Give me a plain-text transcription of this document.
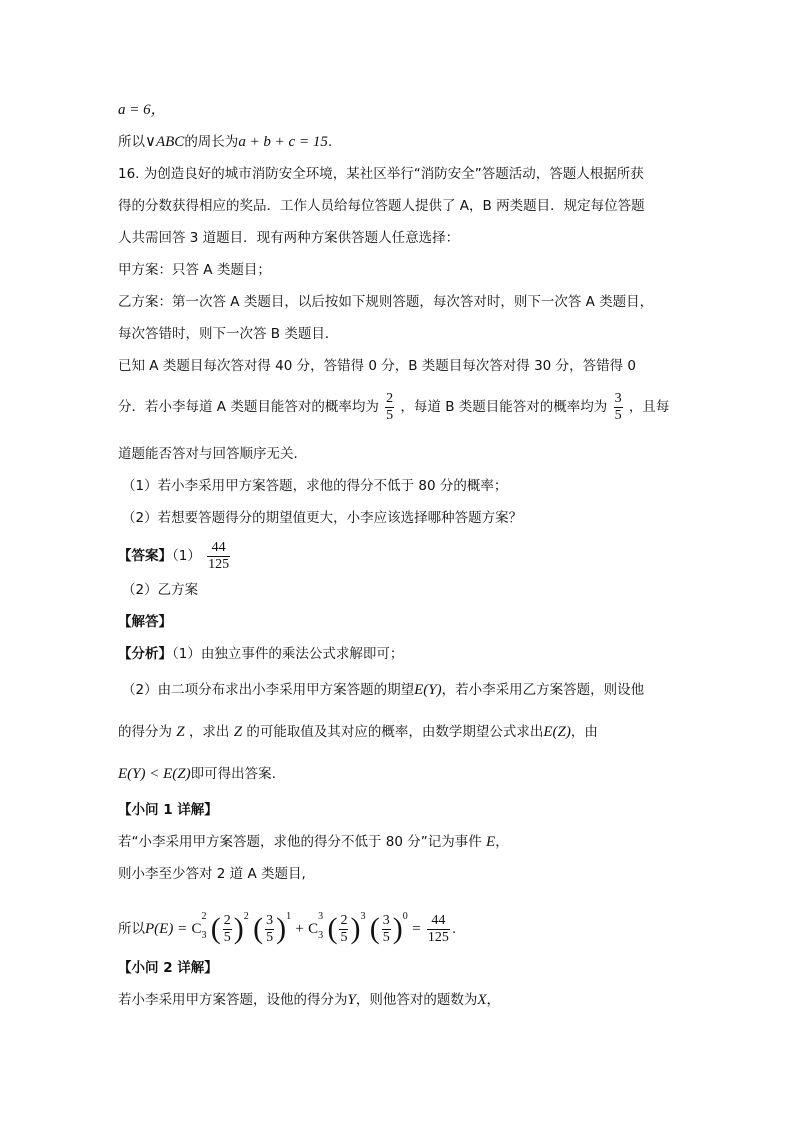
a = 6，
所以∨ABC的周长为a + b + c = 15.
16. 为创造良好的城市消防安全环境，某社区举行“消防安全”答题活动，答题人根据所获
得的分数获得相应的奖品．工作人员给每位答题人提供了 A，B 两类题目．规定每位答题
人共需回答 3 道题目．现有两种方案供答题人任意选择：
甲方案：只答 A 类题目；
乙方案：第一次答 A 类题目，以后按如下规则答题，每次答对时，则下一次答 A 类题目，
每次答错时，则下一次答 B 类题目．
已知 A 类题目每次答对得 40 分，答错得 0 分，B 类题目每次答对得 30 分，答错得 0
分．若小李每道 A 类题目能答对的概率均为 $\frac{2}{5}$ ，每道 B 类题目能答对的概率均为 $\frac{3}{5}$ ，且每
道题能否答对与回答顺序无关．
（1）若小李采用甲方案答题，求他的得分不低于 80 分的概率；
（2）若想要答题得分的期望值更大，小李应该选择哪种答题方案？
【答案】$(1) \frac{44}{125}$
（2）乙方案
【解答】
【分析】（1）由独立事件的乘法公式求解即可；
（2）由二项分布求出小李采用甲方案答题的期望E(Y)，若小李采用乙方案答题，则设他
的得分为 Z ，求出 Z 的可能取值及其对应的概率，由数学期望公式求出E(Z)，由
E(Y) < E(Z)即可得出答案.
【小问 1 详解】
若“小李采用甲方案答题，求他的得分不低于 80 分”记为事件 E，
则小李至少答对 2 道 A 类题目,
所以$P(E) = C^2_3$ ( $\frac{2}{5} )^2$ ( $\frac{3}{5} )^1 + C^3_3$ ( $\frac{2}{5} )^3$ ( $\frac{3}{5} )^0 = \frac{44}{125}$ .
【小问 2 详解】
若小李采用甲方案答题，设他的得分为Y，则他答对的题数为X，
